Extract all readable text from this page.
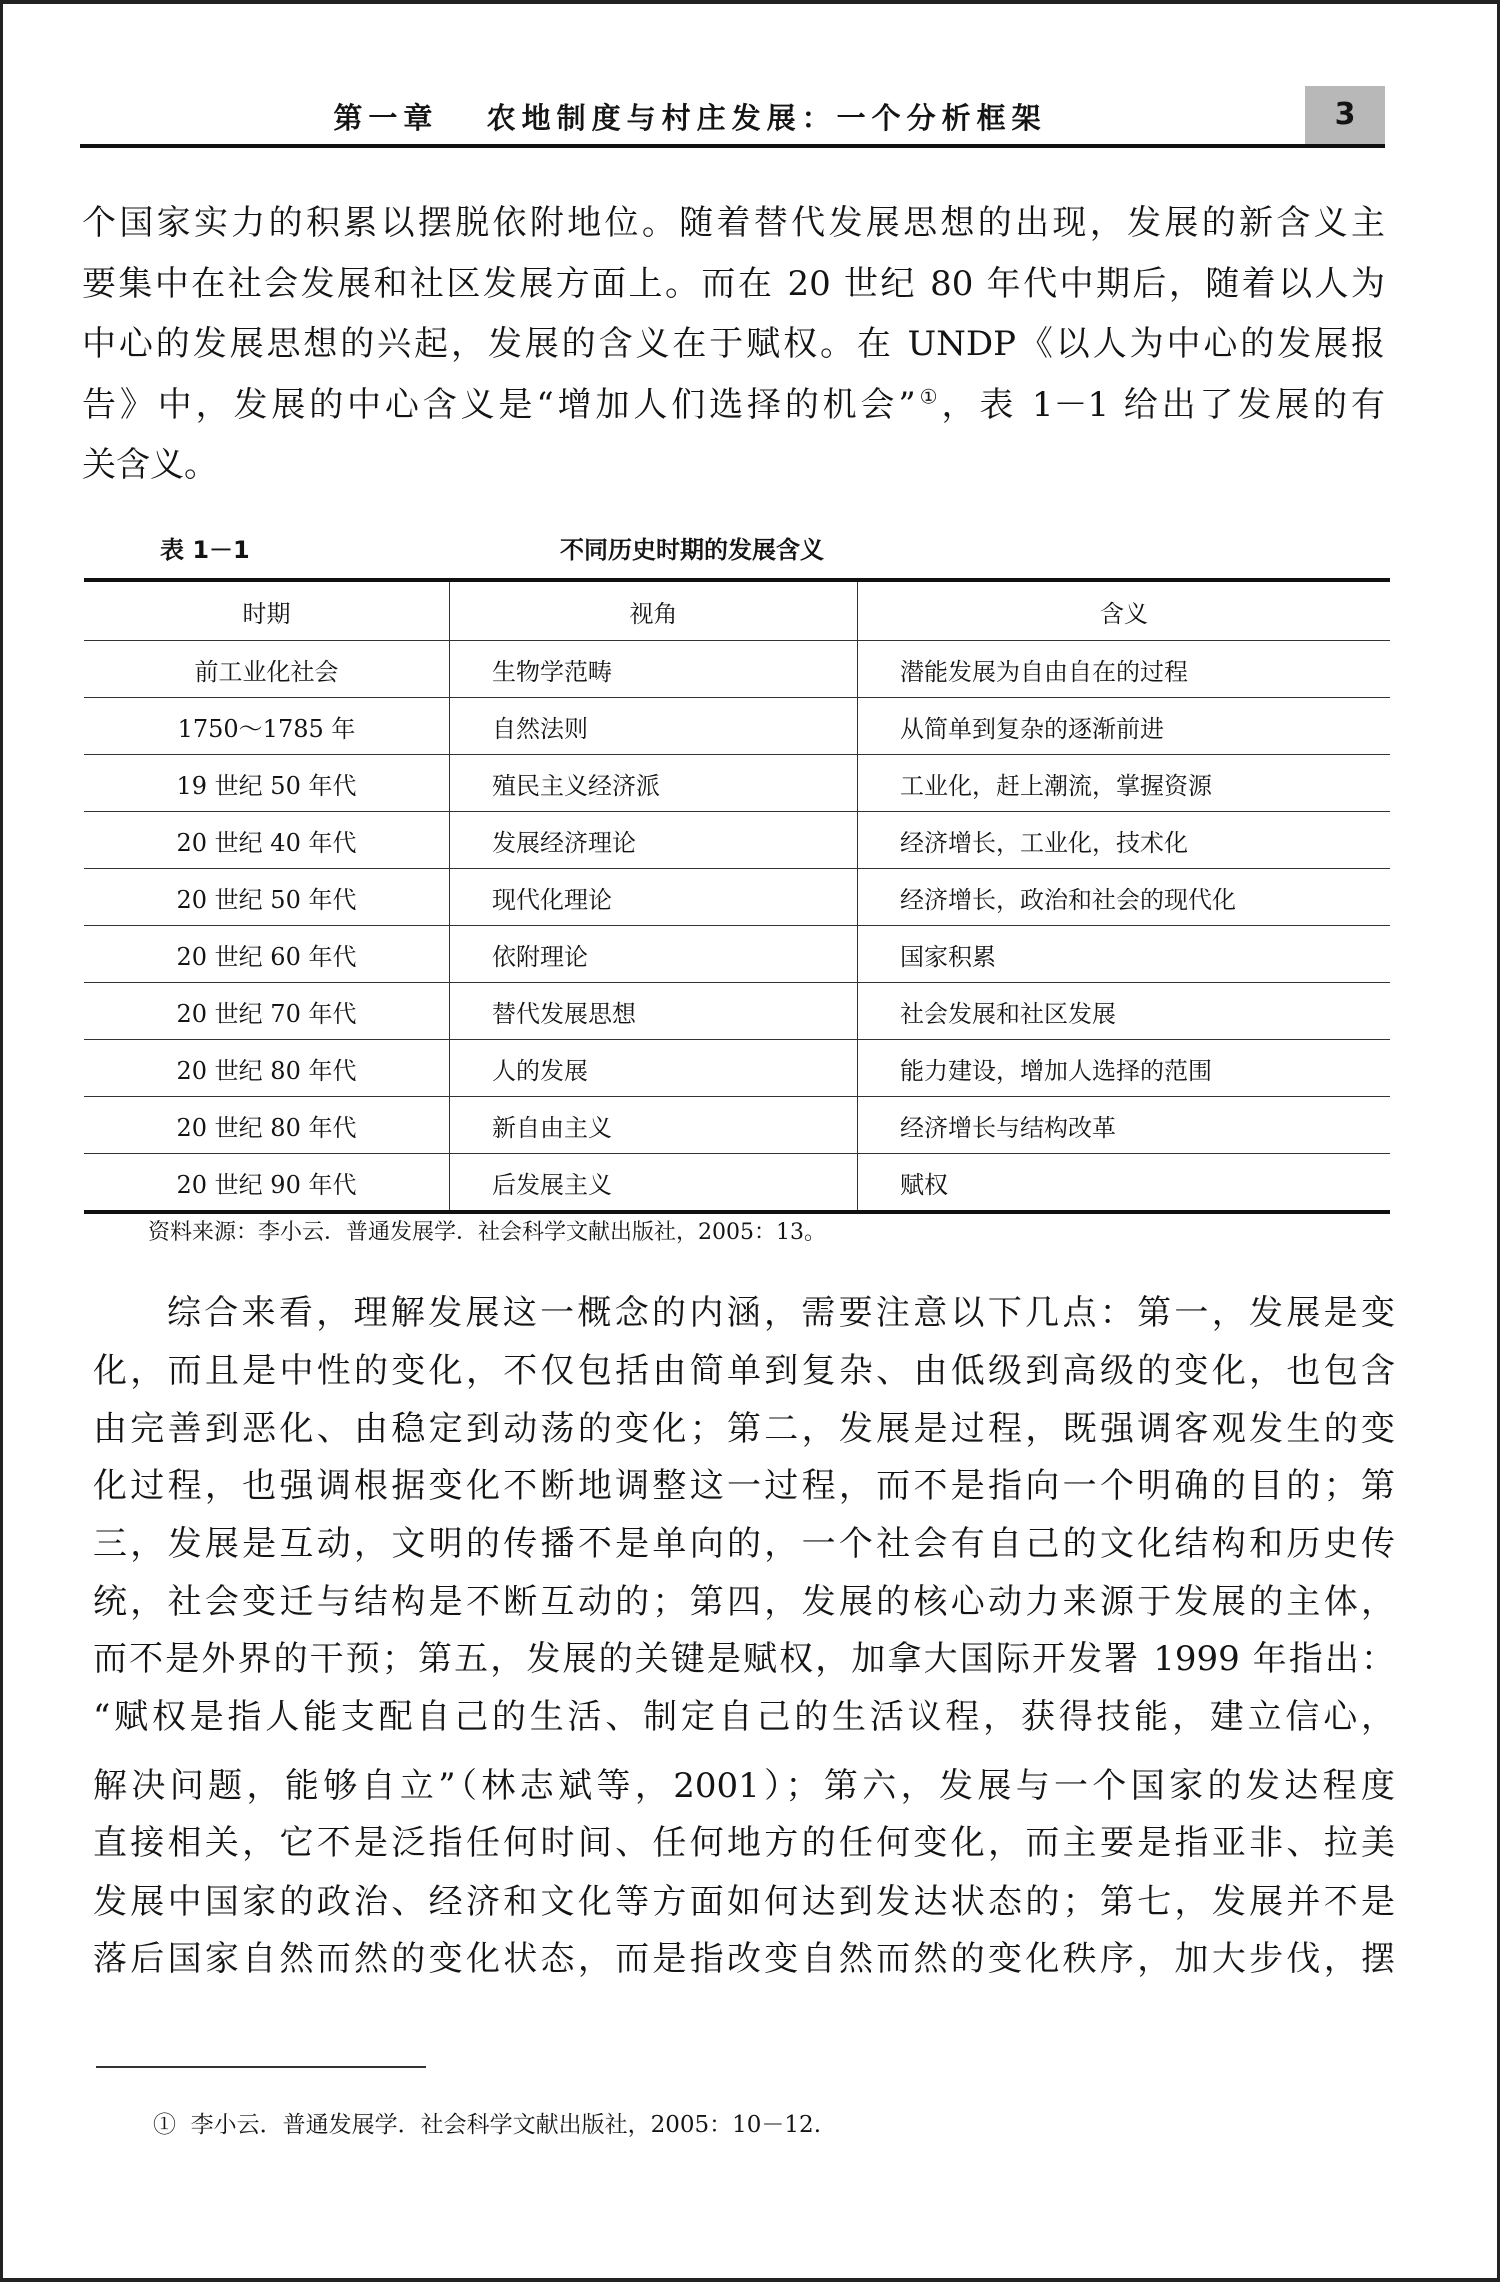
第一章   农地制度与村庄发展：一个分析框架	3
个国家实力的积累以摆脱依附地位。随着替代发展思想的出现，发展的新含义主
要集中在社会发展和社区发展方面上。而在 20 世纪 80 年代中期后，随着以人为
中心的发展思想的兴起，发展的含义在于赋权。在 UNDP《以人为中心的发展报
告》中，发展的中心含义是“增加人们选择的机会”①，表 1－1 给出了发展的有
关含义。
表 1－1	不同历史时期的发展含义
时期	视角	含义
前工业化社会	生物学范畴	潜能发展为自由自在的过程
1750～1785 年	自然法则	从简单到复杂的逐渐前进
19 世纪 50 年代	殖民主义经济派	工业化，赶上潮流，掌握资源
20 世纪 40 年代	发展经济理论	经济增长，工业化，技术化
20 世纪 50 年代	现代化理论	经济增长，政治和社会的现代化
20 世纪 60 年代	依附理论	国家积累
20 世纪 70 年代	替代发展思想	社会发展和社区发展
20 世纪 80 年代	人的发展	能力建设，增加人选择的范围
20 世纪 80 年代	新自由主义	经济增长与结构改革
20 世纪 90 年代	后发展主义	赋权
资料来源：李小云．普通发展学．社会科学文献出版社，2005：13。
综合来看，理解发展这一概念的内涵，需要注意以下几点：第一，发展是变
化，而且是中性的变化，不仅包括由简单到复杂、由低级到高级的变化，也包含
由完善到恶化、由稳定到动荡的变化；第二，发展是过程，既强调客观发生的变
化过程，也强调根据变化不断地调整这一过程，而不是指向一个明确的目的；第
三，发展是互动，文明的传播不是单向的，一个社会有自己的文化结构和历史传
统，社会变迁与结构是不断互动的；第四，发展的核心动力来源于发展的主体，
而不是外界的干预；第五，发展的关键是赋权，加拿大国际开发署 1999 年指出：
“赋权是指人能支配自己的生活、制定自己的生活议程，获得技能，建立信心，
解决问题，能够自立”（林志斌等，2001）；第六，发展与一个国家的发达程度
直接相关，它不是泛指任何时间、任何地方的任何变化，而主要是指亚非、拉美
发展中国家的政治、经济和文化等方面如何达到发达状态的；第七，发展并不是
落后国家自然而然的变化状态，而是指改变自然而然的变化秩序，加大步伐，摆
① 李小云．普通发展学．社会科学文献出版社，2005：10－12.
